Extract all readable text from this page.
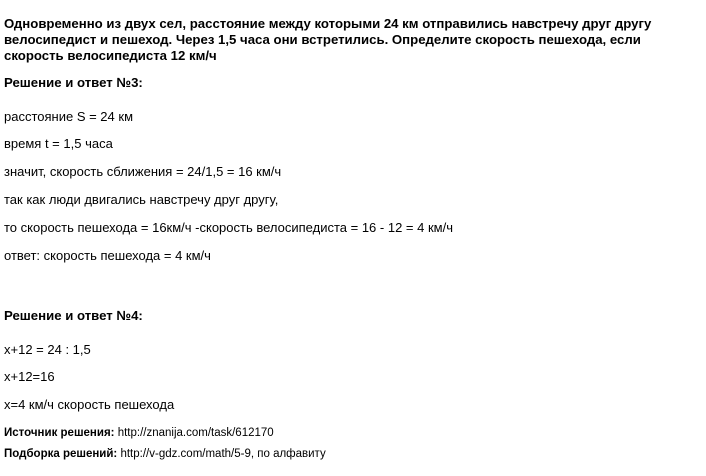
Одновременно из двух сел, расстояние между которыми 24 км отправились навстречу друг другу велосипедист и пешеход. Через 1,5 часа они встретились. Определите скорость пешехода, если скорость велосипедиста 12 км/ч

Решение и ответ №3:

расстояние S = 24 км
время t = 1,5 часа
значит, скорость сближения = 24/1,5 = 16 км/ч
так как люди двигались навстречу друг другу,
то скорость пешехода = 16км/ч -скорость велосипедиста = 16 - 12 = 4 км/ч
ответ: скорость пешехода = 4 км/ч

Решение и ответ №4:

x+12 = 24 : 1,5
x+12=16
x=4 км/ч скорость пешехода
Источник решения: http://znanija.com/task/612170
Подборка решений: http://v-gdz.com/math/5-9, по алфавиту
